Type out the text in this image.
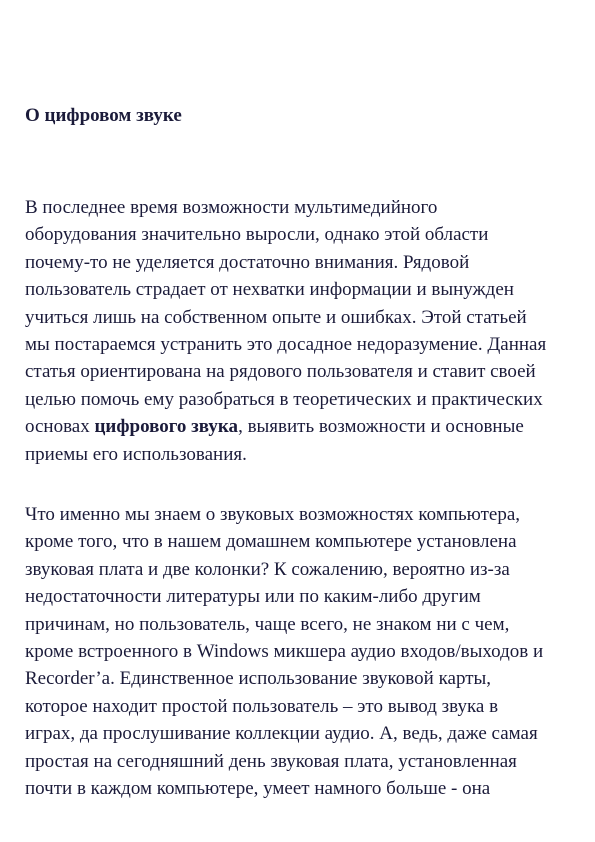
О цифровом звуке
В последнее время возможности мультимедийного
оборудования значительно выросли, однако этой области
почему-то не уделяется достаточно внимания. Рядовой
пользователь страдает от нехватки информации и вынужден
учиться лишь на собственном опыте и ошибках. Этой статьей
мы постараемся устранить это досадное недоразумение. Данная
статья ориентирована на рядового пользователя и ставит своей
целью помочь ему разобраться в теоретических и практических
основах цифрового звука, выявить возможности и основные
приемы его использования.
Что именно мы знаем о звуковых возможностях компьютера,
кроме того, что в нашем домашнем компьютере установлена
звуковая плата и две колонки? К сожалению, вероятно из-за
недостаточности литературы или по каким-либо другим
причинам, но пользователь, чаще всего, не знаком ни с чем,
кроме встроенного в Windows микшера аудио входов/выходов и
Recorder’а. Единственное использование звуковой карты,
которое находит простой пользователь – это вывод звука в
играх, да прослушивание коллекции аудио. А, ведь, даже самая
простая на сегодняшний день звуковая плата, установленная
почти в каждом компьютере, умеет намного больше - она
